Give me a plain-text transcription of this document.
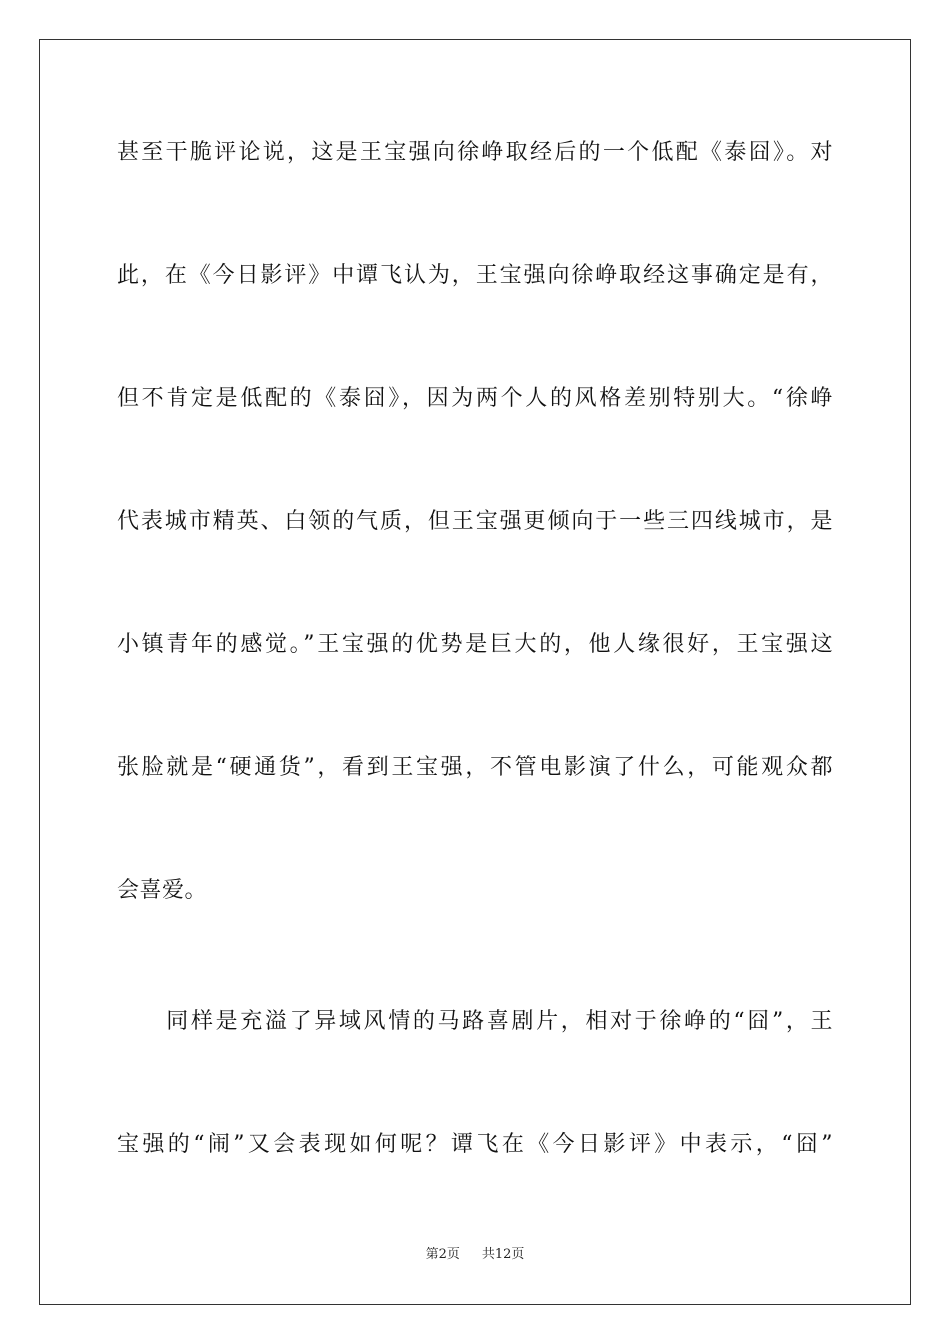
甚至干脆评论说，这是王宝强向徐峥取经后的一个低配《泰囧》。对
此，在《今日影评》中谭飞认为，王宝强向徐峥取经这事确定是有，
但不肯定是低配的《泰囧》，因为两个人的风格差别特别大。“徐峥
代表城市精英、白领的气质，但王宝强更倾向于一些三四线城市，是
小镇青年的感觉。”王宝强的优势是巨大的，他人缘很好，王宝强这
张脸就是“硬通货”，看到王宝强，不管电影演了什么，可能观众都
会喜爱。
　　同样是充溢了异域风情的马路喜剧片，相对于徐峥的“囧”，王
宝强的“闹”又会表现如何呢？谭飞在《今日影评》中表示，“囧”
第2页 共12页
